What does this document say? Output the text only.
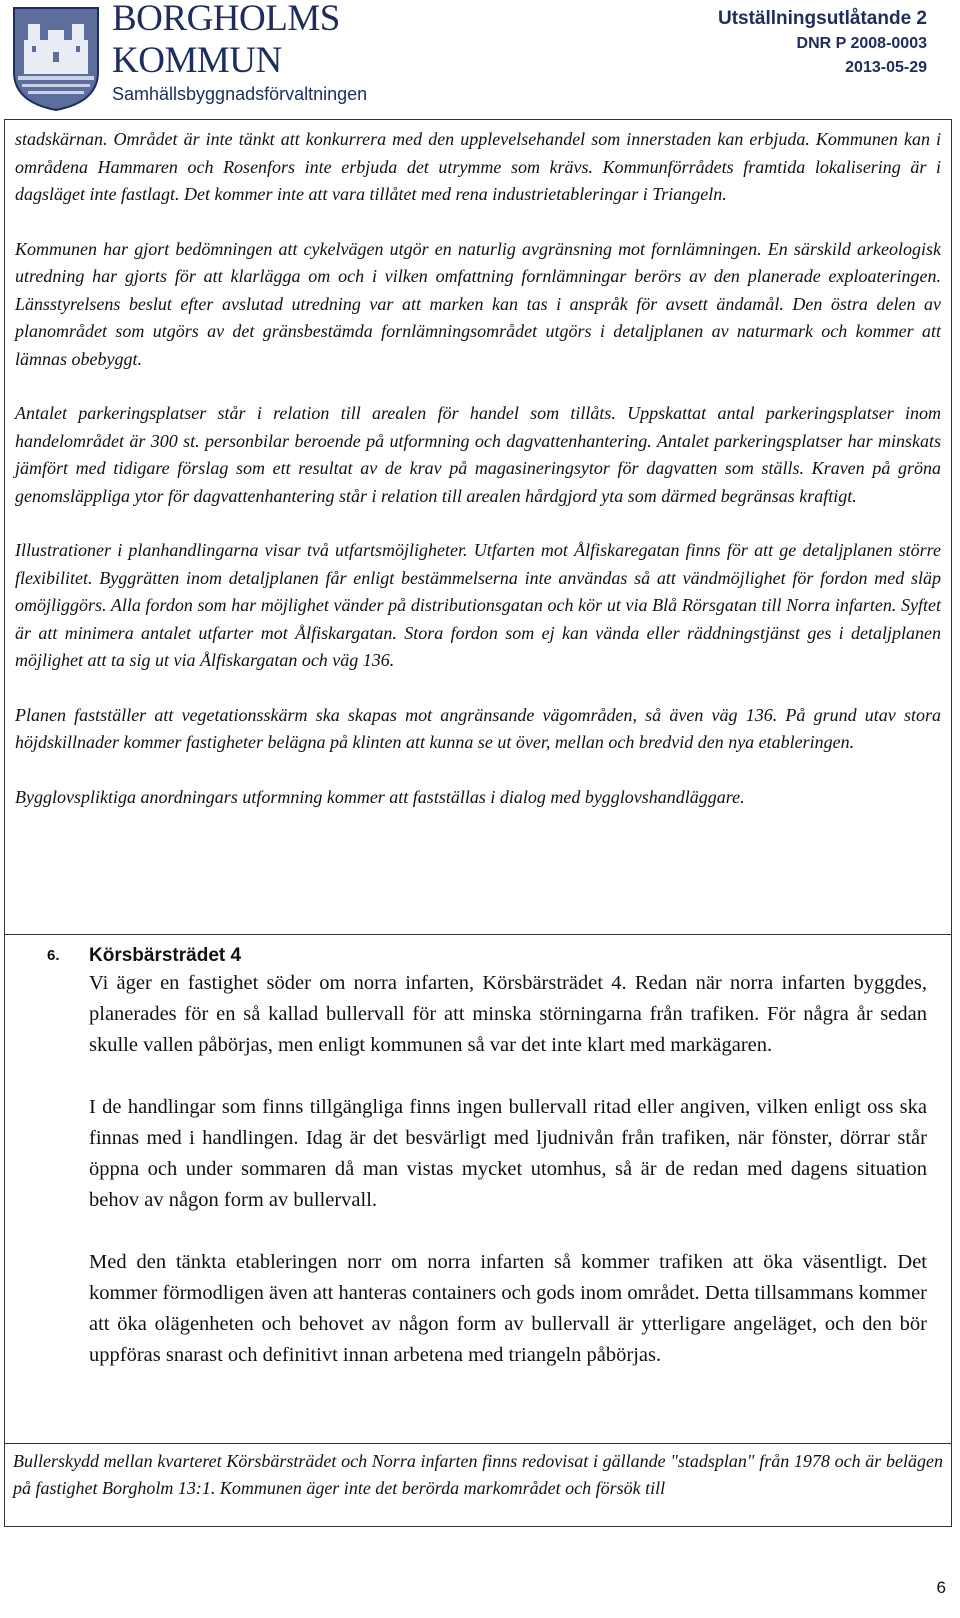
BORGHOLMS
KOMMUN
Samhällsbyggnadsförvaltningen
Utställningsutlåtande 2
DNR P 2008-0003
2013-05-29

stadskärnan. Området är inte tänkt att konkurrera med den upplevelsehandel som innerstaden kan erbjuda. Kommunen kan i områdena Hammaren och Rosenfors inte erbjuda det utrymme som krävs. Kommunförrådets framtida lokalisering är i dagsläget inte fastlagt. Det kommer inte att vara tillåtet med rena industrietableringar i Triangeln.

Kommunen har gjort bedömningen att cykelvägen utgör en naturlig avgränsning mot fornlämningen. En särskild arkeologisk utredning har gjorts för att klarlägga om och i vilken omfattning fornlämningar berörs av den planerade exploateringen. Länsstyrelsens beslut efter avslutad utredning var att marken kan tas i anspråk för avsett ändamål. Den östra delen av planområdet som utgörs av det gränsbestämda fornlämningsområdet utgörs i detaljplanen av naturmark och kommer att lämnas obebyggt.

Antalet parkeringsplatser står i relation till arealen för handel som tillåts. Uppskattat antal parkeringsplatser inom handelområdet är 300 st. personbilar beroende på utformning och dagvattenhantering. Antalet parkeringsplatser har minskats jämfört med tidigare förslag som ett resultat av de krav på magasineringsytor för dagvatten som ställs. Kraven på gröna genomsläppliga ytor för dagvattenhantering står i relation till arealen hårdgjord yta som därmed begränsas kraftigt.

Illustrationer i planhandlingarna visar två utfartsmöjligheter. Utfarten mot Ålfiskaregatan finns för att ge detaljplanen större flexibilitet. Byggrätten inom detaljplanen får enligt bestämmelserna inte användas så att vändmöjlighet för fordon med släp omöjliggörs. Alla fordon som har möjlighet vänder på distributionsgatan och kör ut via Blå Rörsgatan till Norra infarten. Syftet är att minimera antalet utfarter mot Ålfiskargatan. Stora fordon som ej kan vända eller räddningstjänst ges i detaljplanen möjlighet att ta sig ut via Ålfiskargatan och väg 136.

Planen fastställer att vegetationsskärm ska skapas mot angränsande vägområden, så även väg 136. På grund utav stora höjdskillnader kommer fastigheter belägna på klinten att kunna se ut över, mellan och bredvid den nya etableringen.

Bygglovspliktiga anordningars utformning kommer att fastställas i dialog med bygglovshandläggare.

6. Körsbärsträdet 4

Vi äger en fastighet söder om norra infarten, Körsbärsträdet 4. Redan när norra infarten byggdes, planerades för en så kallad bullervall för att minska störningarna från trafiken. För några år sedan skulle vallen påbörjas, men enligt kommunen så var det inte klart med markägaren.

I de handlingar som finns tillgängliga finns ingen bullervall ritad eller angiven, vilken enligt oss ska finnas med i handlingen. Idag är det besvärligt med ljudnivån från trafiken, när fönster, dörrar står öppna och under sommaren då man vistas mycket utomhus, så är de redan med dagens situation behov av någon form av bullervall.

Med den tänkta etableringen norr om norra infarten så kommer trafiken att öka väsentligt. Det kommer förmodligen även att hanteras containers och gods inom området. Detta tillsammans kommer att öka olägenheten och behovet av någon form av bullervall är ytterligare angeläget, och den bör uppföras snarast och definitivt innan arbetena med triangeln påbörjas.

Bullerskydd mellan kvarteret Körsbärsträdet och Norra infarten finns redovisat i gällande "stadsplan" från 1978 och är belägen på fastighet Borgholm 13:1. Kommunen äger inte det berörda markområdet och försök till

6
